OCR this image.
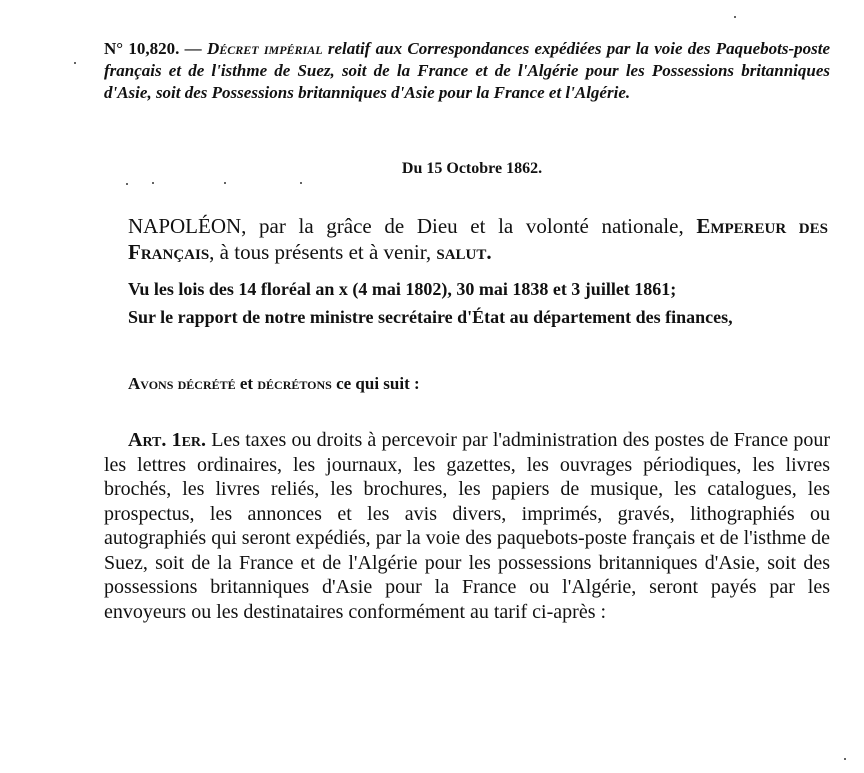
N° 10,820. — Décret impérial relatif aux Correspondances expédiées par la voie des Paquebots-poste français et de l'isthme de Suez, soit de la France et de l'Algérie pour les Possessions britanniques d'Asie, soit des Possessions britanniques d'Asie pour la France et l'Algérie.
Du 15 Octobre 1862.
NAPOLÉON, par la grâce de Dieu et la volonté nationale, Empereur des Français, à tous présents et à venir, salut.

Vu les lois des 14 floréal an x (4 mai 1802), 30 mai 1838 et 3 juillet 1861;

Sur le rapport de notre ministre secrétaire d'État au département des finances,

Avons décrété et décrétons ce qui suit :
Art. 1er. Les taxes ou droits à percevoir par l'administration des postes de France pour les lettres ordinaires, les journaux, les gazettes, les ouvrages périodiques, les livres brochés, les livres reliés, les brochures, les papiers de musique, les catalogues, les prospectus, les annonces et les avis divers, imprimés, gravés, lithographiés ou autographiés qui seront expédiés, par la voie des paquebots-poste français et de l'isthme de Suez, soit de la France et de l'Algérie pour les possessions britanniques d'Asie, soit des possessions britanniques d'Asie pour la France ou l'Algérie, seront payés par les envoyeurs ou les destinataires conformément au tarif ci-après :
